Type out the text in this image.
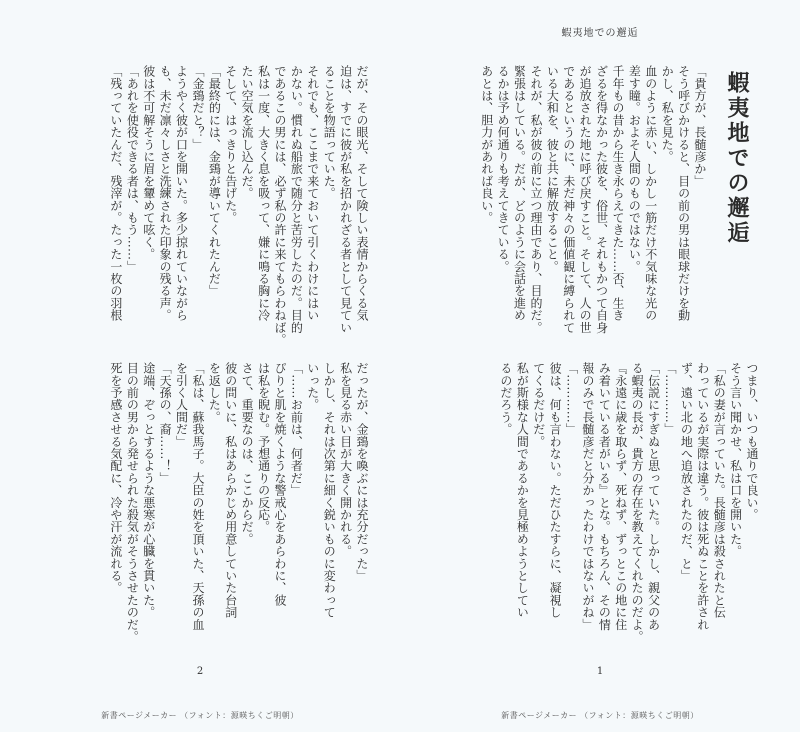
蝦夷地での邂逅
蝦夷地での邂逅

「貴方が、長髄彦か」

そう呼びかけると、目の前の男は眼球だけを動

かし、私を見た。

血のように赤い、しかし一筋だけ不気味な光の

差す瞳。およそ人間のものではない。

千年もの昔から生き永らえてきた……否、生き

ざるを得なかった彼を、俗世、それもかつて自身

が追放された地に呼び戻すこと。そして、人の世

であるというのに、未だ神々の価値観に縛られて

いる大和を、彼と共に解放すること。

それが、私が彼の前に立つ理由であり、目的だ。

緊張はしている。だが、どのように会話を進め

るかは予め何通りも考えてきている。

あとは、胆力があれば良い。

つまり、いつも通りで良い。

そう言い聞かせ、私は口を開いた。

「私の妻が言っていた。長髄彦は殺されたと伝

わっているが実際は違う。彼は死ぬことを許され

ず、遠い北の地へ追放されたのだ、と」

「…………」

「伝説にすぎぬと思っていた。しかし、親父のあ

る蝦夷の長が、貴方の存在を教えてくれたのだよ。

『永遠に歳を取らず、死ねず、ずっとこの地に住

み着いている者がいる』とな。もちろん、その情

報のみで長髄彦だと分かったわけではないがね」

「…………」

彼は、何も言わない。ただひたすらに、凝視し

てくるだけだ。

私が斯様な人間であるかを見極めようとしてい

るのだろう。

1

だが、その眼光、そして険しい表情からくる気

迫は、すでに彼が私を招かれざる者として見てい

ることを物語っていた。

それでも、ここまで来ておいて引くわけにはい

かない。慣れぬ船旅で随分と苦労したのだ。目的

であるこの男には、必ず私の許に来てもらわねば。

私は一度、大きく息を吸って、嫌に鳴る胸に冷

たい空気を流し込んだ。

そして、はっきりと告げた。

「最終的には、金鵄が導いてくれたんだ」

「金鵄だと？」

ようやく彼が口を開いた。多少掠れていながら

も、未だ凛々しさと洗練された印象の残る声。

彼は不可解そうに眉を顰めて呟く。

「あれを使役できる者は、もう……」

「残っていたんだ、残滓が。たった一枚の羽根

だったが、金鵄を喚ぶには充分だった」

私を見る赤い目が大きく開かれる。

しかし、それは次第に細く鋭いものに変わって

いった。

「……お前は、何者だ」

ぴりと肌を焼くような警戒心をあらわに、彼

は私を睨む。予想通りの反応。

さて、重要なのは、ここからだ。

彼の問いに、私はあらかじめ用意していた台詞

を返した。

「私は、蘇我馬子。大臣の姓を頂いた、天孫の血

を引く人間だ」

「天孫の、裔……！」

途端、ぞっとするような悪寒が心臓を貫いた。

目の前の男から発せられた殺気がそうさせたのだ。

死を予感させる気配に、冷や汗が流れる。

2
新書ページメーカー （フォント：源暎ちくご明朝）	新書ページメーカー （フォント：源暎ちくご明朝）
